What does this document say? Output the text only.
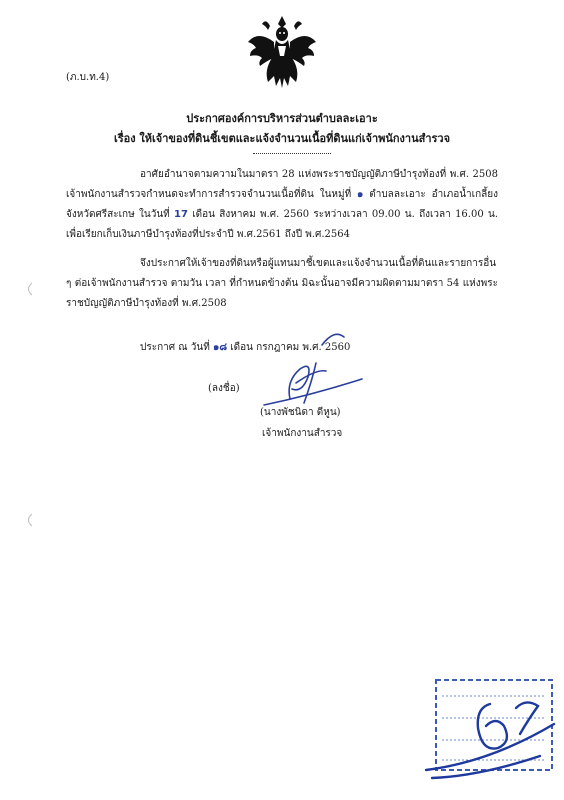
(ภ.บ.ท.4)
ประกาศองค์การบริหารส่วนตำบลละเอาะ
เรื่อง ให้เจ้าของที่ดินชี้เขตและแจ้งจำนวนเนื้อที่ดินแก่เจ้าพนักงานสำรวจ
อาศัยอำนาจตามความในมาตรา 28 แห่งพระราชบัญญัติภาษีบำรุงท้องที่ พ.ศ. 2508 เจ้าพนักงานสำรวจกำหนดจะทำการสำรวจจำนวนเนื้อที่ดิน ในหมู่ที่ ๑ ตำบลละเอาะ อำเภอน้ำเกลี้ยง จังหวัดศรีสะเกษ ในวันที่ 17 เดือน สิงหาคม พ.ศ. 2560 ระหว่างเวลา 09.00 น. ถึงเวลา 16.00 น. เพื่อเรียกเก็บเงินภาษีบำรุงท้องที่ประจำปี พ.ศ.2561 ถึงปี พ.ศ.2564
จึงประกาศให้เจ้าของที่ดินหรือผู้แทนมาชี้เขตและแจ้งจำนวนเนื้อที่ดินและรายการอื่น ๆ ต่อเจ้าพนักงานสำรวจ ตามวัน เวลา ที่กำหนดข้างต้น มิฉะนั้นอาจมีความผิดตามมาตรา 54 แห่งพระราชบัญญัติภาษีบำรุงท้องที่ พ.ศ.2508
ประกาศ ณ วันที่ ๑๘ เดือน กรกฎาคม พ.ศ. 2560
(ลงชื่อ)
(นางพัชนิดา ดีหูน)
เจ้าพนักงานสำรวจ
